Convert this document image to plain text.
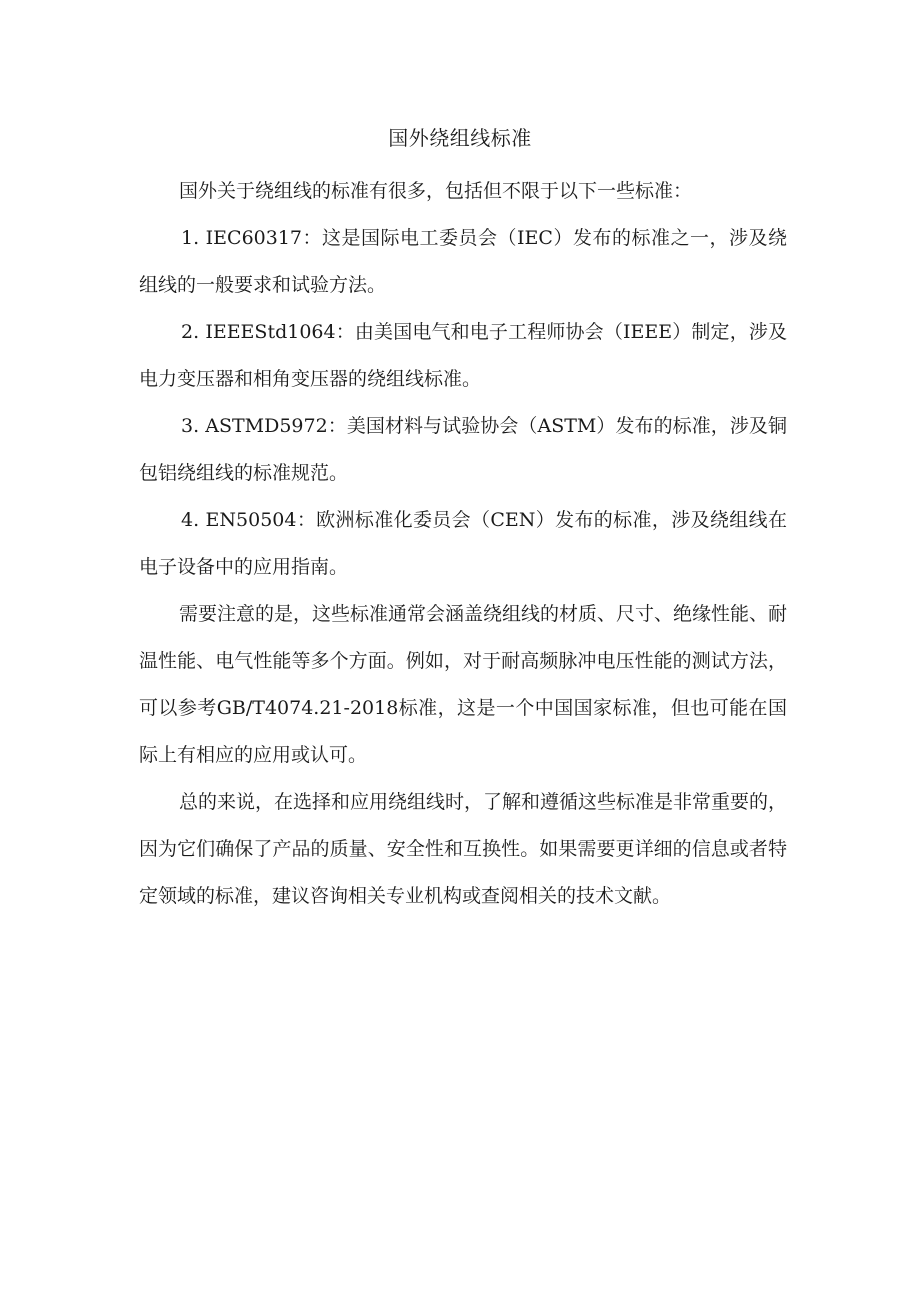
国外绕组线标准

国外关于绕组线的标准有很多，包括但不限于以下一些标准：

1. IEC60317：这是国际电工委员会（IEC）发布的标准之一，涉及绕组线的一般要求和试验方法。

2. IEEEStd1064：由美国电气和电子工程师协会（IEEE）制定，涉及电力变压器和相角变压器的绕组线标准。

3. ASTMD5972：美国材料与试验协会（ASTM）发布的标准，涉及铜包铝绕组线的标准规范。

4. EN50504：欧洲标准化委员会（CEN）发布的标准，涉及绕组线在电子设备中的应用指南。

需要注意的是，这些标准通常会涵盖绕组线的材质、尺寸、绝缘性能、耐温性能、电气性能等多个方面。例如，对于耐高频脉冲电压性能的测试方法，可以参考GB/T4074.21-2018标准，这是一个中国国家标准，但也可能在国际上有相应的应用或认可。

总的来说，在选择和应用绕组线时，了解和遵循这些标准是非常重要的，因为它们确保了产品的质量、安全性和互换性。如果需要更详细的信息或者特定领域的标准，建议咨询相关专业机构或查阅相关的技术文献。
